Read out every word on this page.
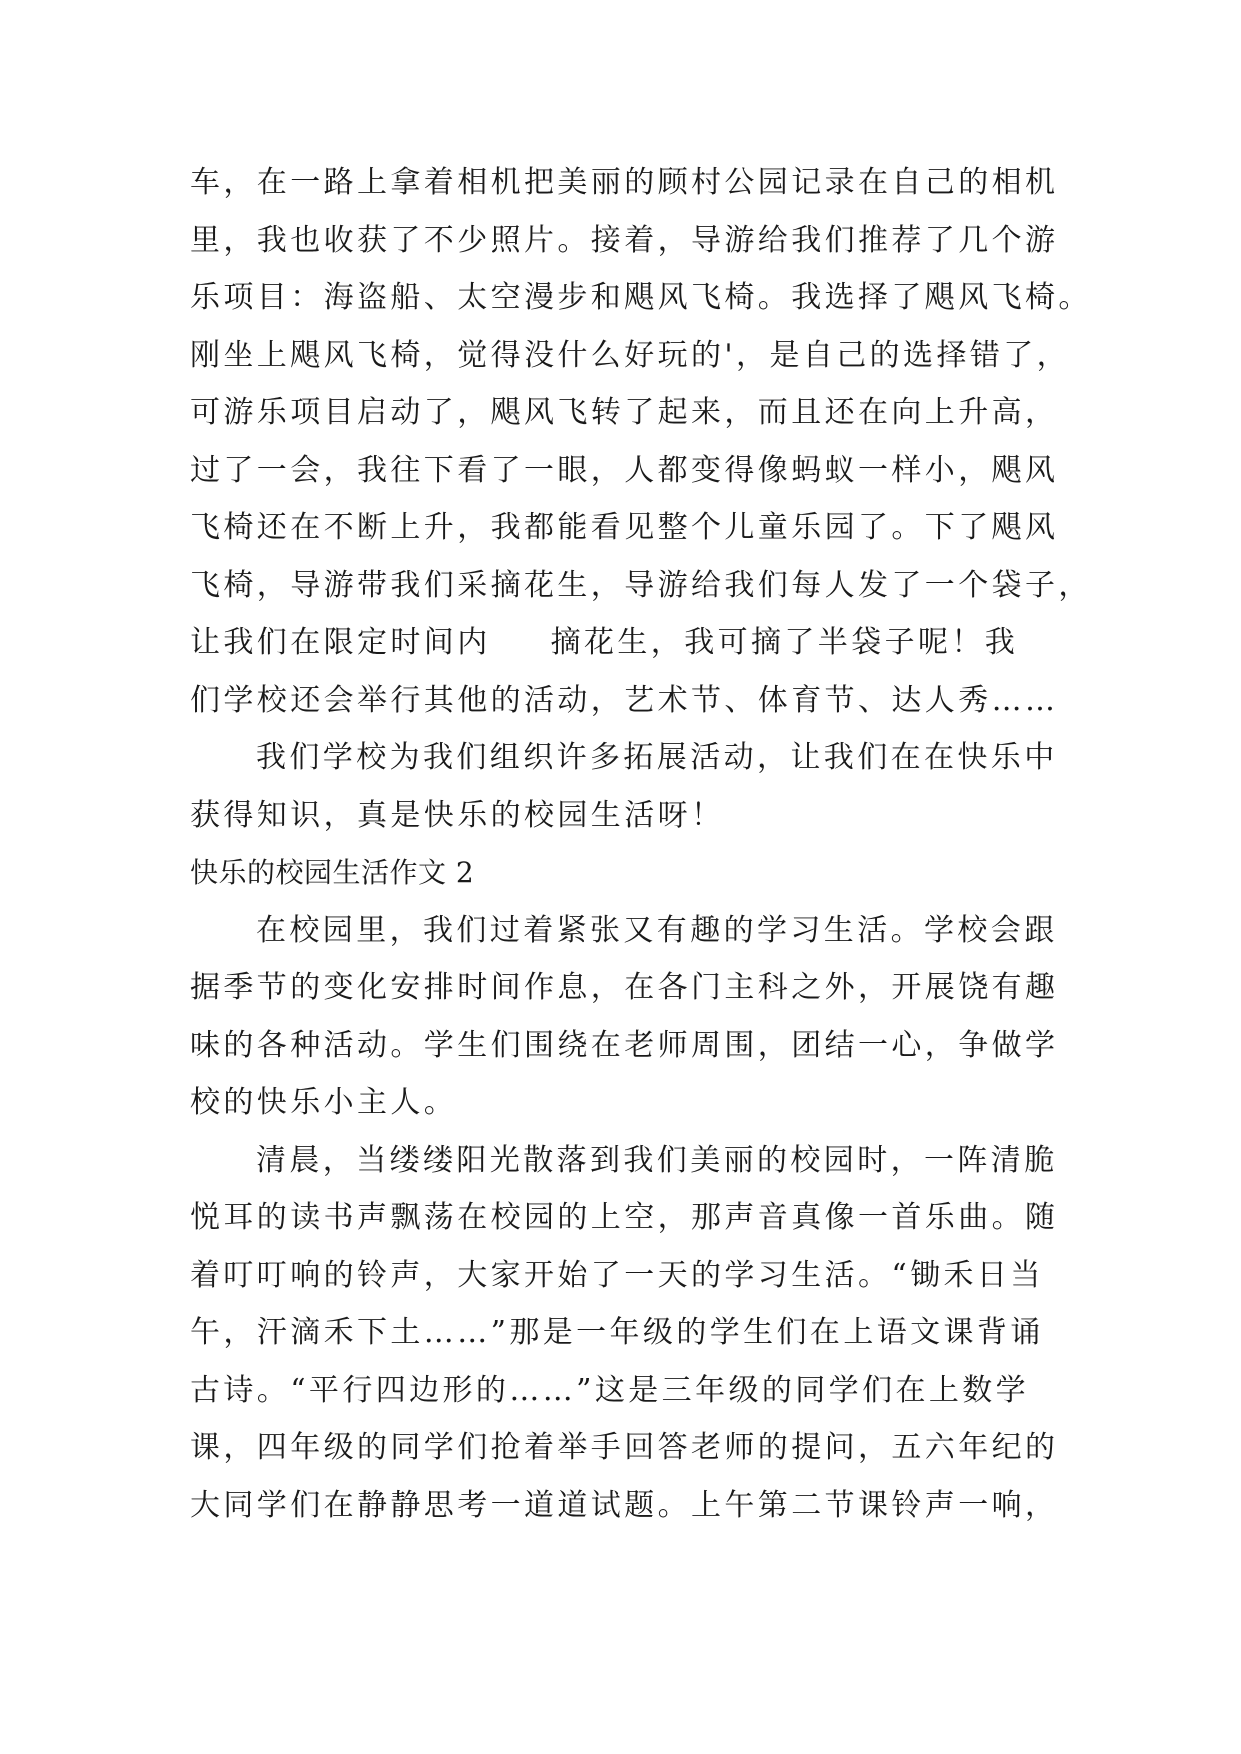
车，在一路上拿着相机把美丽的顾村公园记录在自己的相机

里，我也收获了不少照片。接着，导游给我们推荐了几个游

乐项目：海盗船、太空漫步和飓风飞椅。我选择了飓风飞椅。

刚坐上飓风飞椅，觉得没什么好玩的'，是自己的选择错了，

可游乐项目启动了，飓风飞转了起来，而且还在向上升高，

过了一会，我往下看了一眼，人都变得像蚂蚁一样小，飓风

飞椅还在不断上升，我都能看见整个儿童乐园了。下了飓风

飞椅，导游带我们采摘花生，导游给我们每人发了一个袋子，

让我们在限定时间内 摘花生，我可摘了半袋子呢！我

们学校还会举行其他的活动，艺术节、体育节、达人秀……

我们学校为我们组织许多拓展活动，让我们在在快乐中

获得知识，真是快乐的校园生活呀！

快乐的校园生活作文 2

在校园里，我们过着紧张又有趣的学习生活。学校会跟

据季节的变化安排时间作息，在各门主科之外，开展饶有趣

味的各种活动。学生们围绕在老师周围，团结一心，争做学

校的快乐小主人。

清晨，当缕缕阳光散落到我们美丽的校园时，一阵清脆

悦耳的读书声飘荡在校园的上空，那声音真像一首乐曲。随

着叮叮响的铃声，大家开始了一天的学习生活。“锄禾日当

午，汗滴禾下土……”那是一年级的学生们在上语文课背诵

古诗。“平行四边形的……”这是三年级的同学们在上数学

课，四年级的同学们抢着举手回答老师的提问，五六年纪的

大同学们在静静思考一道道试题。上午第二节课铃声一响，
